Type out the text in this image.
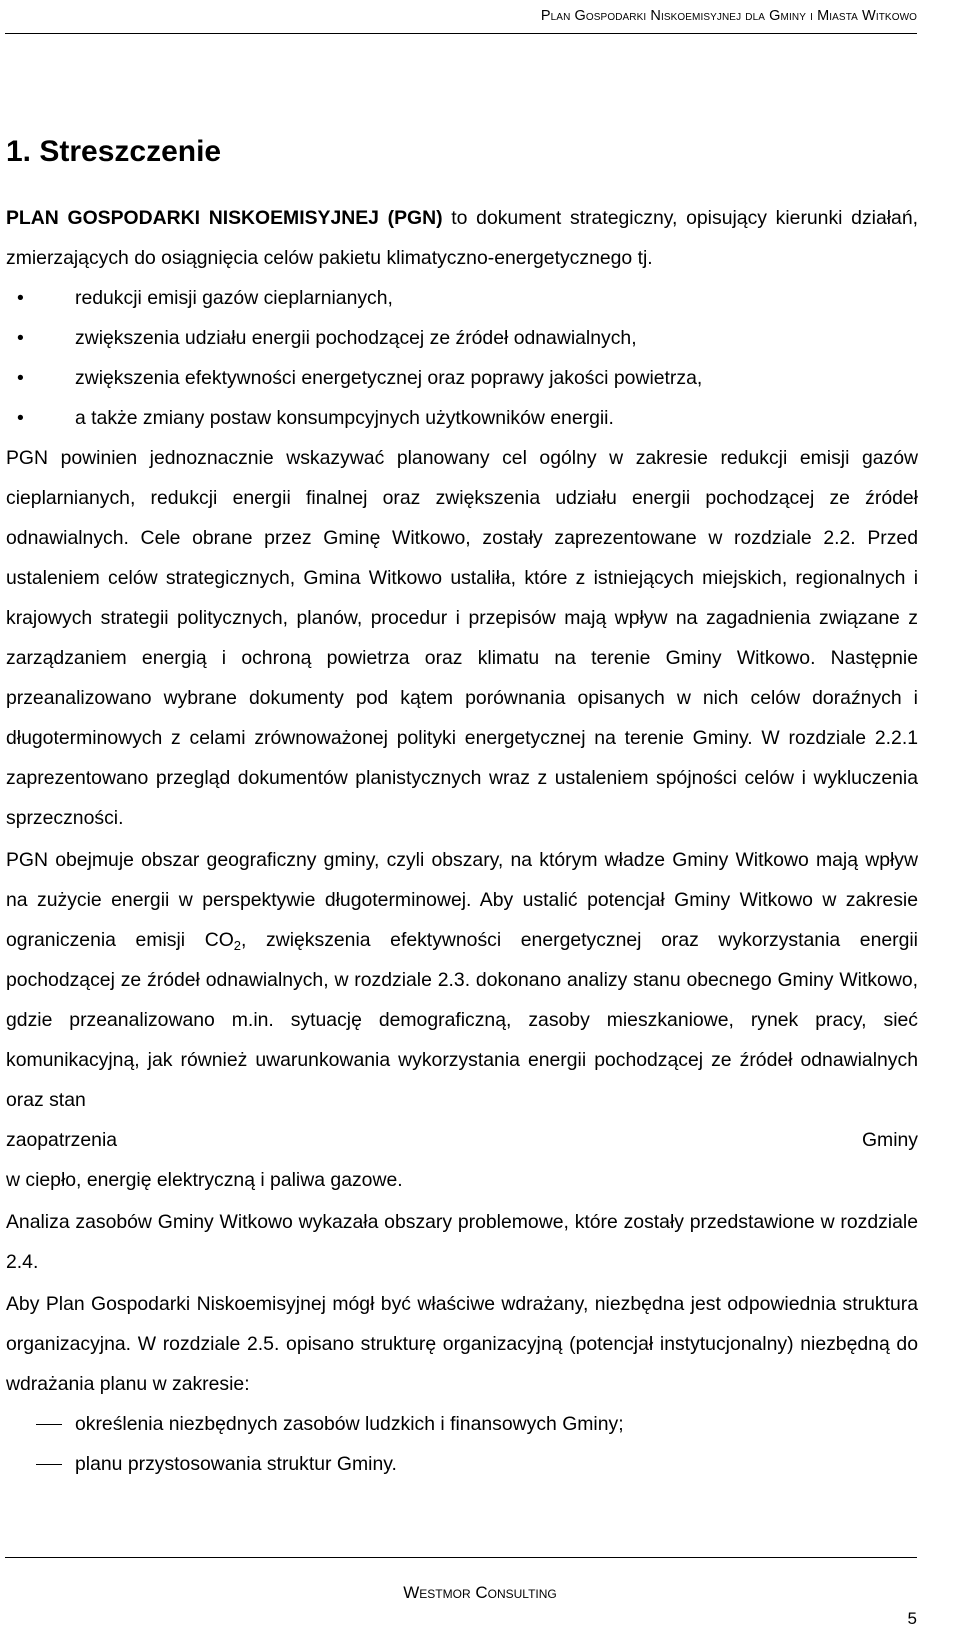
Plan Gospodarki Niskoemisyjnej dla Gminy i Miasta Witkowo
1. Streszczenie

PLAN GOSPODARKI NISKOEMISYJNEJ (PGN) to dokument strategiczny, opisujący kierunki działań, zmierzających do osiągnięcia celów pakietu klimatyczno-energetycznego tj.

•	redukcji emisji gazów cieplarnianych,
•	zwiększenia udziału energii pochodzącej ze źródeł odnawialnych,
•	zwiększenia efektywności energetycznej oraz poprawy jakości powietrza,
•	a także zmiany postaw konsumpcyjnych użytkowników energii.

PGN powinien jednoznacznie wskazywać planowany cel ogólny w zakresie redukcji emisji gazów cieplarnianych, redukcji energii finalnej oraz zwiększenia udziału energii pochodzącej ze źródeł odnawialnych. Cele obrane przez Gminę Witkowo, zostały zaprezentowane w rozdziale 2.2. Przed ustaleniem celów strategicznych, Gmina Witkowo ustaliła, które z istniejących miejskich, regionalnych i krajowych strategii politycznych, planów, procedur i przepisów mają wpływ na zagadnienia związane z zarządzaniem energią i ochroną powietrza oraz klimatu na terenie Gminy Witkowo. Następnie przeanalizowano wybrane dokumenty pod kątem porównania opisanych w nich celów doraźnych i długoterminowych z celami zrównoważonej polityki energetycznej na terenie Gminy. W rozdziale 2.2.1 zaprezentowano przegląd dokumentów planistycznych wraz z ustaleniem spójności celów i wykluczenia sprzeczności.

PGN obejmuje obszar geograficzny gminy, czyli obszary, na którym władze Gminy Witkowo mają wpływ na zużycie energii w perspektywie długoterminowej. Aby ustalić potencjał Gminy Witkowo w zakresie ograniczenia emisji $CO_2$, zwiększenia efektywności energetycznej oraz wykorzystania energii pochodzącej ze źródeł odnawialnych, w rozdziale 2.3. dokonano analizy stanu obecnego Gminy Witkowo, gdzie przeanalizowano m.in. sytuację demograficzną, zasoby mieszkaniowe, rynek pracy, sieć komunikacyjną, jak również uwarunkowania wykorzystania energii pochodzącej ze źródeł odnawialnych oraz stan

zaopatrzenia	Gminy

w ciepło, energię elektryczną i paliwa gazowe.

Analiza zasobów Gminy Witkowo wykazała obszary problemowe, które zostały przedstawione w rozdziale 2.4.

Aby Plan Gospodarki Niskoemisyjnej mógł być właściwe wdrażany, niezbędna jest odpowiednia struktura organizacyjna. W rozdziale 2.5. opisano strukturę organizacyjną (potencjał instytucjonalny) niezbędną do wdrażania planu w zakresie:

określenia niezbędnych zasobów ludzkich i finansowych Gminy;
planu przystosowania struktur Gminy.
Westmor Consulting
5
